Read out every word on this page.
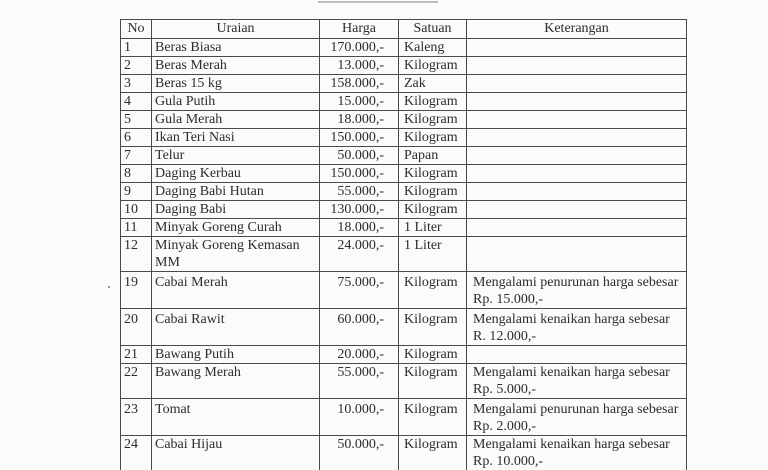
No	Uraian	Harga	Satuan	Keterangan
1	Beras Biasa	170.000,-	Kaleng	
2	Beras Merah	13.000,-	Kilogram	
3	Beras 15 kg	158.000,-	Zak	
4	Gula Putih	15.000,-	Kilogram	
5	Gula Merah	18.000,-	Kilogram	
6	Ikan Teri Nasi	150.000,-	Kilogram	
7	Telur	50.000,-	Papan	
8	Daging Kerbau	150.000,-	Kilogram	
9	Daging Babi Hutan	55.000,-	Kilogram	
10	Daging Babi	130.000,-	Kilogram	
11	Minyak Goreng Curah	18.000,-	1 Liter	
12	Minyak Goreng Kemasan MM	24.000,-	1 Liter	
19	Cabai Merah	75.000,-	Kilogram	Mengalami penurunan harga sebesar Rp. 15.000,-
20	Cabai Rawit	60.000,-	Kilogram	Mengalami kenaikan harga sebesar R. 12.000,-
21	Bawang Putih	20.000,-	Kilogram	
22	Bawang Merah	55.000,-	Kilogram	Mengalami kenaikan harga sebesar Rp. 5.000,-
23	Tomat	10.000,-	Kilogram	Mengalami penurunan harga sebesar Rp. 2.000,-
24	Cabai Hijau	50.000,-	Kilogram	Mengalami kenaikan harga sebesar Rp. 10.000,-
